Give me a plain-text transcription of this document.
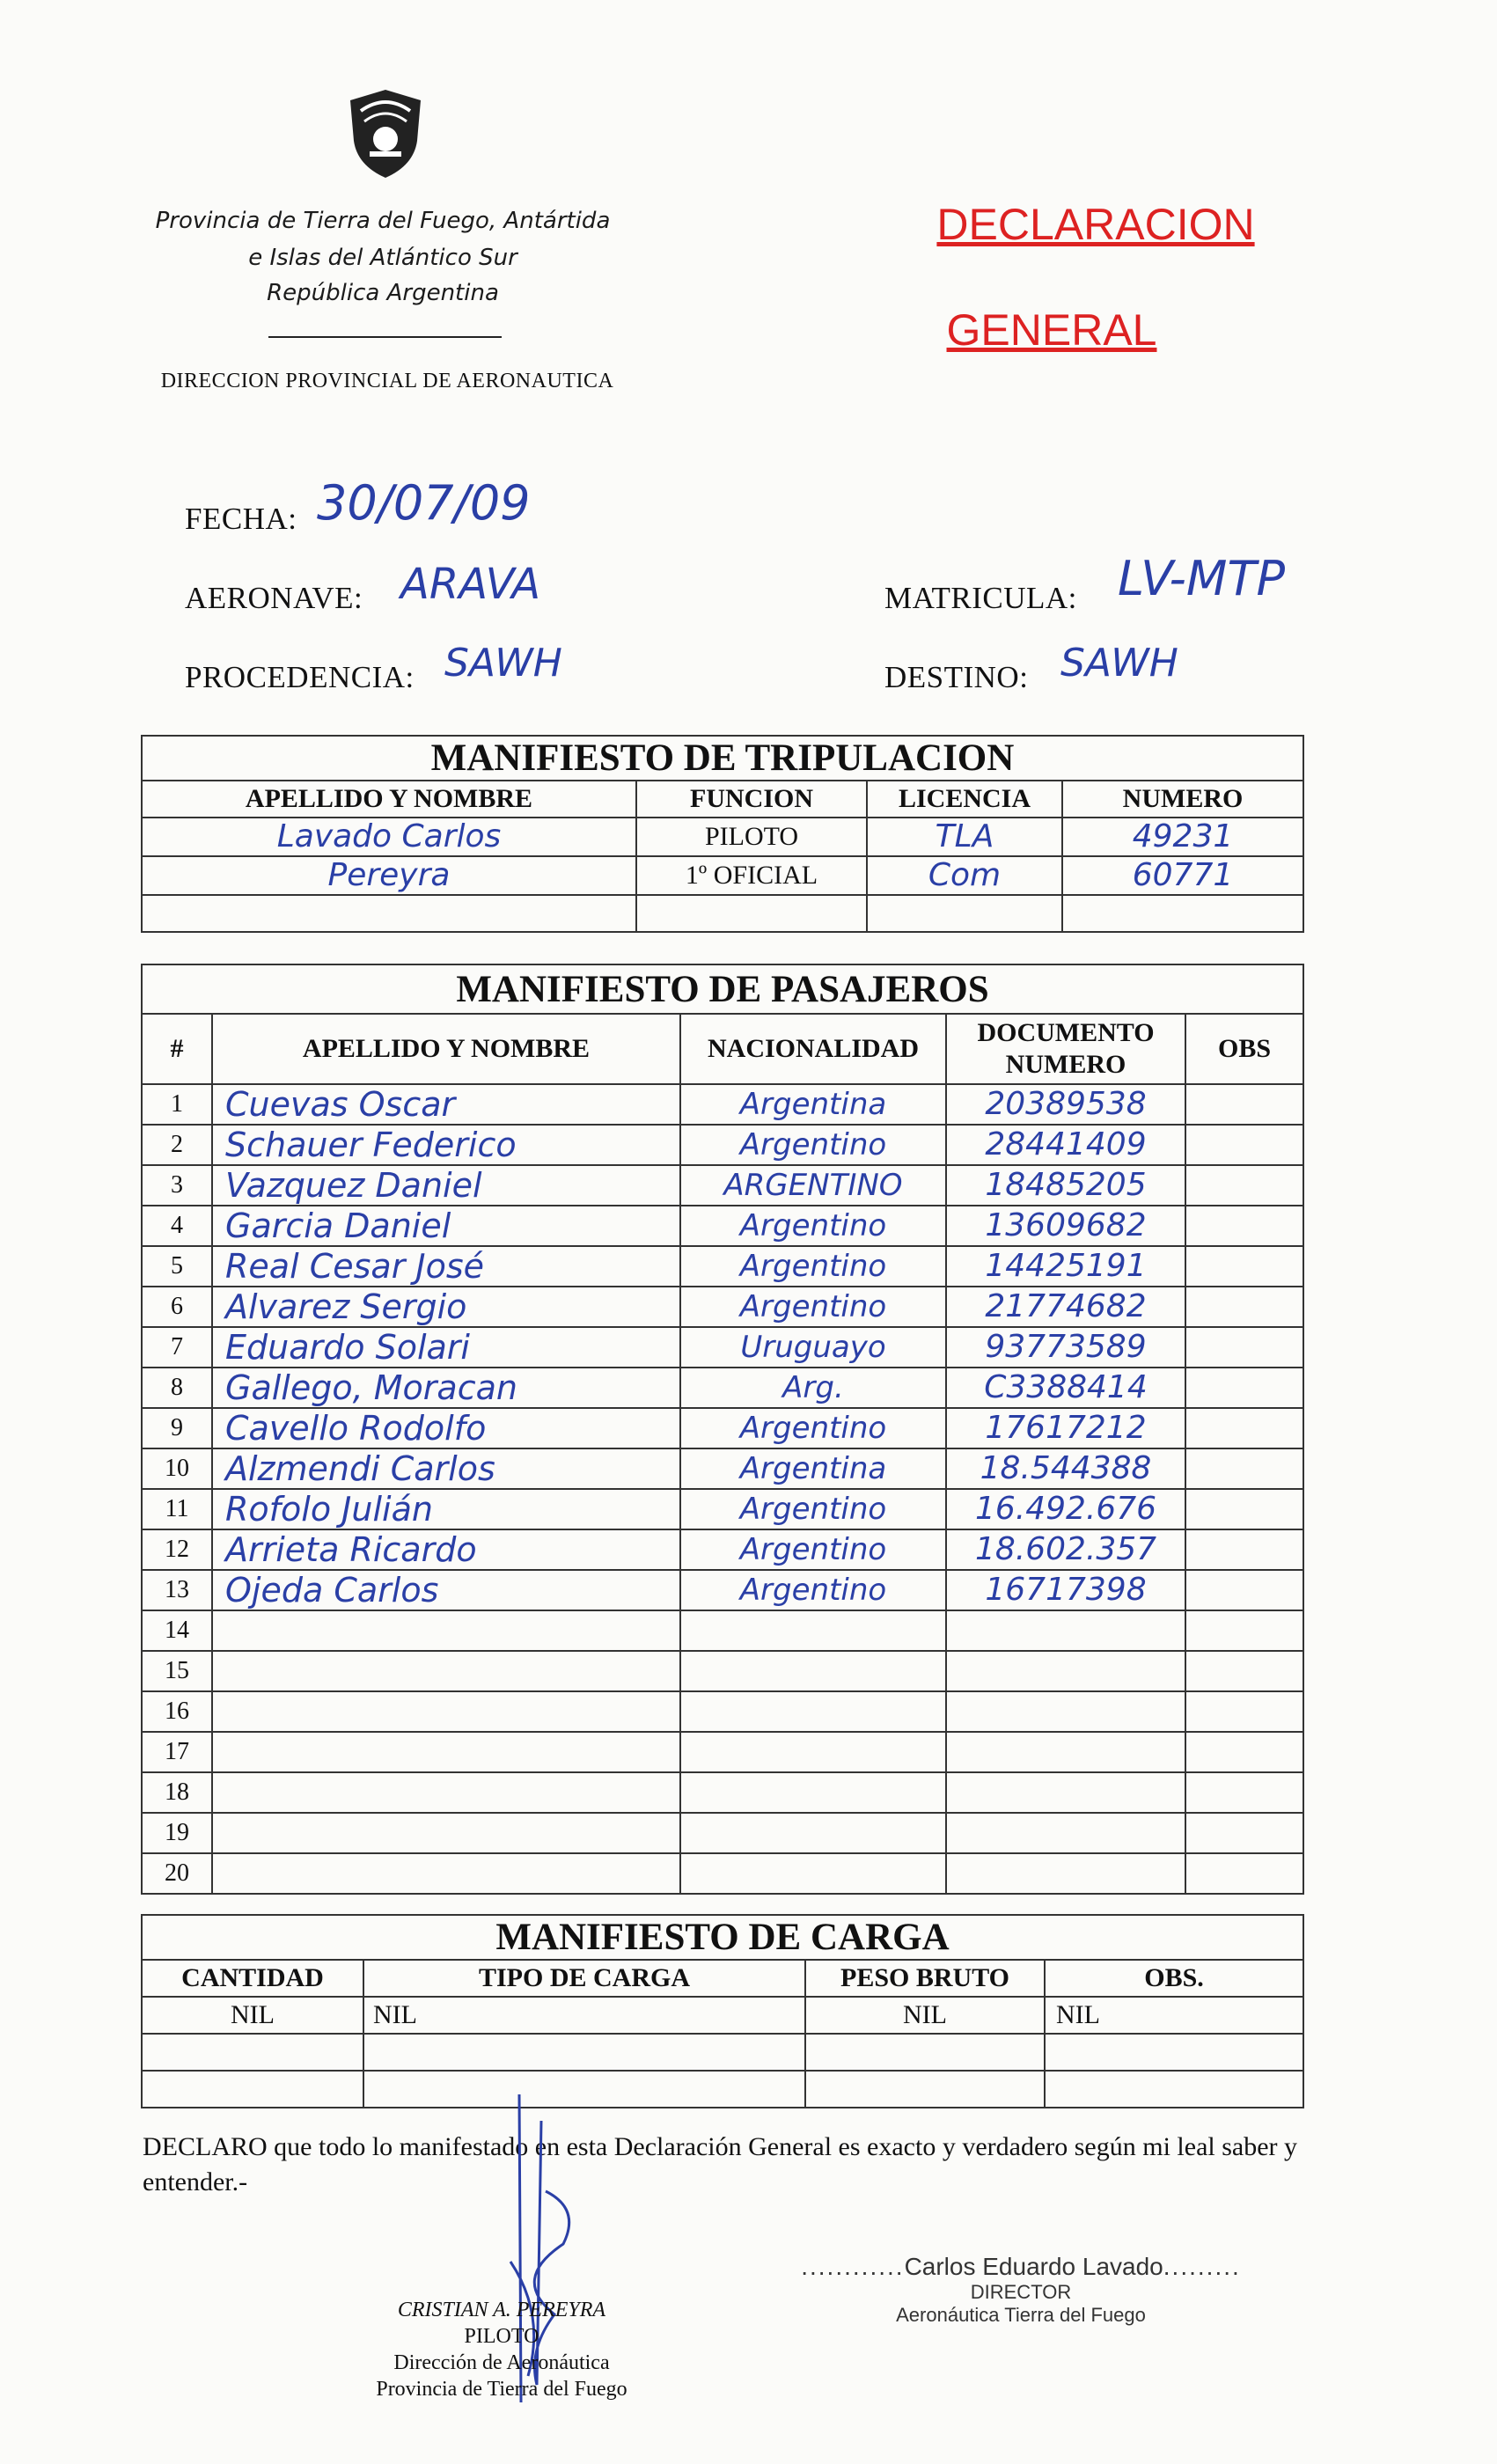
Provincia de Tierra del Fuego, Antártida
e Islas del Atlántico Sur
República Argentina
DIRECCION PROVINCIAL DE AERONAUTICA
DECLARACION
GENERAL
FECHA: 30/07/09
AERONAVE: ARAVA	MATRICULA: LV-MTP
PROCEDENCIA: SAWH	DESTINO: SAWH
MANIFIESTO DE TRIPULACION			
APELLIDO Y NOMBRE	FUNCION	LICENCIA	NUMERO
Lavado Carlos	PILOTO	TLA	49231
Pereyra	1º OFICIAL	Com	60771

MANIFIESTO DE PASAJEROS				
#	APELLIDO Y NOMBRE	NACIONALIDAD	DOCUMENTO NUMERO	OBS
1	Cuevas Oscar	Argentina	20389538	
2	Schauer Federico	Argentino	28441409	
3	Vazquez Daniel	ARGENTINO	18485205	
4	Garcia Daniel	Argentino	13609682	
5	Real Cesar José	Argentino	14425191	
6	Alvarez Sergio	Argentino	21774682	
7	Eduardo Solari	Uruguayo	93773589	
8	Gallego, Moracan	Arg.	C3388414	
9	Cavello Rodolfo	Argentino	17617212	
10	Alzmendi Carlos	Argentina	18.544388	
11	Rofolo Julián	Argentino	16.492.676	
12	Arrieta Ricardo	Argentino	18.602.357	
13	Ojeda Carlos	Argentino	16717398	
14				
15				
16				
17				
18				
19				
20				
MANIFIESTO DE CARGA			
CANTIDAD	TIPO DE CARGA	PESO BRUTO	OBS.
NIL	NIL	NIL	NIL

DECLARO que todo lo manifestado en esta Declaración General es exacto y verdadero según mi leal saber y entender.-
CRISTIAN A. PEREYRA
PILOTO
Dirección de Aeronáutica
Provincia de Tierra del Fuego
............Carlos Eduardo Lavado.........
DIRECTOR
Aeronáutica Tierra del Fuego
